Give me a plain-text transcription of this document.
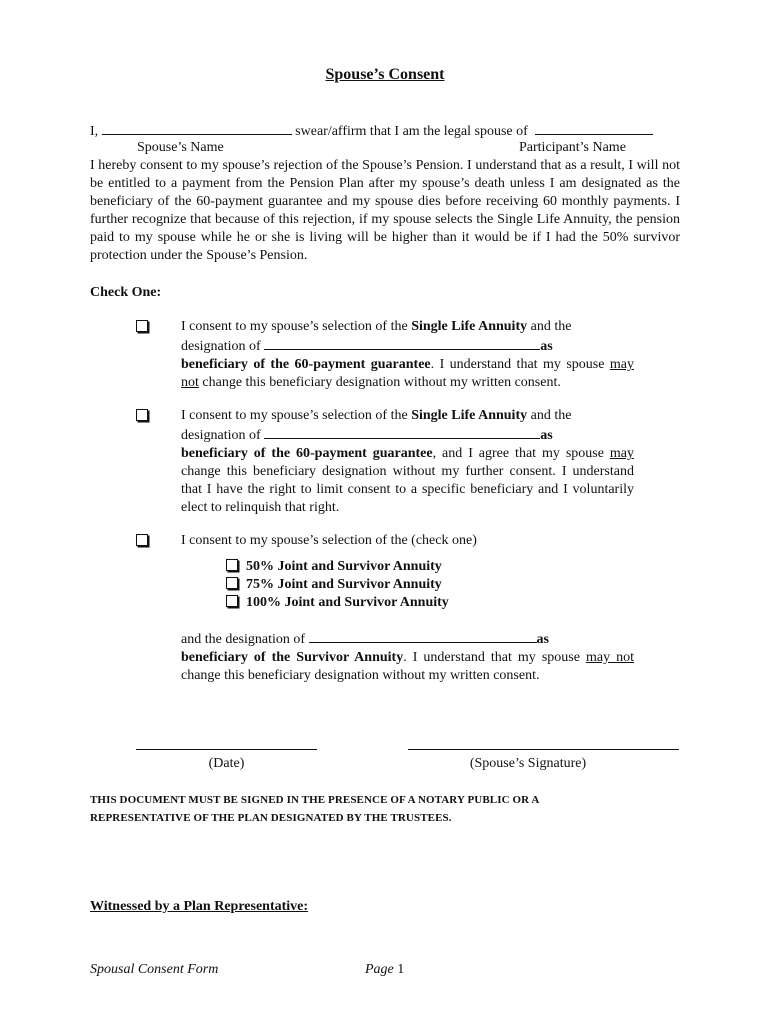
Spouse’s Consent
I,	swear/affirm that I am the legal spouse of
Spouse’s Name	Participant’s Name

I hereby consent to my spouse’s rejection of the Spouse’s Pension. I understand that as a result, I will not be entitled to a payment from the Pension Plan after my spouse’s death unless I am designated as the beneficiary of the 60-payment guarantee and my spouse dies before receiving 60 monthly payments. I further recognize that because of this rejection, if my spouse selects the Single Life Annuity, the pension paid to my spouse while he or she is living will be higher than it would be if I had the 50% survivor protection under the Spouse’s Pension.

Check One:

I consent to my spouse’s selection of the Single Life Annuity and the
designation of	as
beneficiary of the 60-payment guarantee. I understand that my spouse may not change this beneficiary designation without my written consent.

I consent to my spouse’s selection of the Single Life Annuity and the
designation of	as
beneficiary of the 60-payment guarantee, and I agree that my spouse may change this beneficiary designation without my further consent. I understand that I have the right to limit consent to a specific beneficiary and I voluntarily elect to relinquish that right.

I consent to my spouse’s selection of the (check one)
50% Joint and Survivor Annuity
75% Joint and Survivor Annuity
100% Joint and Survivor Annuity

and the designation of	as
beneficiary of the Survivor Annuity. I understand that my spouse may not change this beneficiary designation without my written consent.

(Date)	(Spouse’s Signature)
THIS DOCUMENT MUST BE SIGNED IN THE PRESENCE OF A NOTARY PUBLIC OR A
REPRESENTATIVE OF THE PLAN DESIGNATED BY THE TRUSTEES.
Witnessed by a Plan Representative:
Spousal Consent Form	Page 1
